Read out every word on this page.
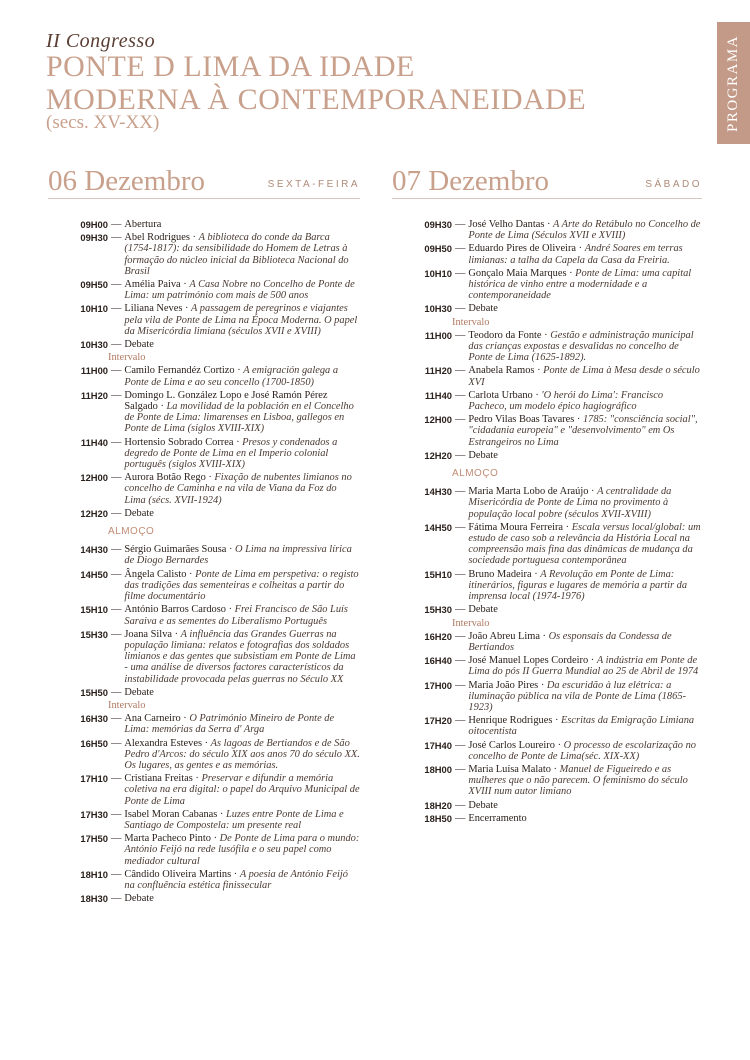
II Congresso
PONTE D LIMA DA IDADE
MODERNA À CONTEMPORANEIDADE
(secs. XV-XX)	PROGRAMA
06 Dezembro	SEXTA-FEIRA 07 Dezembro	SÁBADO
09H00 — Abertura
09H30 — Abel Rodrigues · A biblioteca do conde da Barca (1754-1817): da sensibilidade do Homem de Letras à formação do núcleo inicial da Biblioteca Nacional do Brasil
09H50 — Amélia Paiva · A Casa Nobre no Concelho de Ponte de Lima: um património com mais de 500 anos
10H10 — Liliana Neves · A passagem de peregrinos e viajantes pela vila de Ponte de Lima na Época Moderna. O papel da Misericórdia limiana (séculos XVII e XVIII)
10H30 — Debate
Intervalo
11H00 — Camilo Fernandéz Cortizo · A emigración galega a Ponte de Lima e ao seu concello (1700-1850)
11H20 — Domingo L. González Lopo e José Ramón Pérez Salgado · La movilidad de la población en el Concelho de Ponte de Lima: limarenses en Lisboa, gallegos en Ponte de Lima (siglos XVIII-XIX)
11H40 — Hortensio Sobrado Correa · Presos y condenados a degredo de Ponte de Lima en el Imperio colonial português (siglos XVIII-XIX)
12H00 — Aurora Botão Rego · Fixação de nubentes limianos no concelho de Caminha e na vila de Viana da Foz do Lima (sécs. XVII-1924)
12H20 — Debate
ALMOÇO
14H30 — Sérgio Guimarães Sousa · O Lima na impressiva lírica de Diogo Bernardes
14H50 — Ângela Calisto · Ponte de Lima em perspetiva: o registo das tradições das sementeiras e colheitas a partir do filme documentário
15H10 — António Barros Cardoso · Frei Francisco de São Luís Saraiva e as sementes do Liberalismo Português
15H30 — Joana Silva · A influência das Grandes Guerras na população limiana: relatos e fotografias dos soldados limianos e das gentes que subsistiam em Ponte de Lima - uma análise de diversos factores característicos da instabilidade provocada pelas guerras no Século XX
15H50 — Debate
Intervalo
16H30 — Ana Carneiro · O Património Mineiro de Ponte de Lima: memórias da Serra d' Arga
16H50 — Alexandra Esteves · As lagoas de Bertiandos e de São Pedro d'Arcos: do século XIX aos anos 70 do século XX. Os lugares, as gentes e as memórias.
17H10 — Cristiana Freitas · Preservar e difundir a memória coletiva na era digital: o papel do Arquivo Municipal de Ponte de Lima
17H30 — Isabel Moran Cabanas · Luzes entre Ponte de Lima e Santiago de Compostela: um presente real
17H50 — Marta Pacheco Pinto · De Ponte de Lima para o mundo: António Feijó na rede lusófila e o seu papel como mediador cultural
18H10 — Cândido Oliveira Martins · A poesia de António Feijó na confluência estética finissecular
18H30 — Debate
09H30 — José Velho Dantas · A Arte do Retábulo no Concelho de Ponte de Lima (Séculos XVII e XVIII)
09H50 — Eduardo Pires de Oliveira · André Soares em terras limianas: a talha da Capela da Casa da Freiria.
10H10 — Gonçalo Maia Marques · Ponte de Lima: uma capital histórica de vinho entre a modernidade e a contemporaneidade
10H30 — Debate
Intervalo
11H00 — Teodoro da Fonte · Gestão e administração municipal das crianças expostas e desvalidas no concelho de Ponte de Lima (1625-1892).
11H20 — Anabela Ramos · Ponte de Lima à Mesa desde o século XVI
11H40 — Carlota Urbano · 'O herói do Lima': Francisco Pacheco, um modelo épico hagiográfico
12H00 — Pedro Vilas Boas Tavares · 1785: "consciência social", "cidadania europeia" e "desenvolvimento" em Os Estrangeiros no Lima
12H20 — Debate
ALMOÇO
14H30 — Maria Marta Lobo de Araújo · A centralidade da Misericórdia de Ponte de Lima no provimento à população local pobre (séculos XVII-XVIII)
14H50 — Fátima Moura Ferreira · Escala versus local/global: um estudo de caso sob a relevância da História Local na compreensão mais fina das dinâmicas de mudança da sociedade portuguesa contemporânea
15H10 — Bruno Madeira · A Revolução em Ponte de Lima: itinerários, figuras e lugares de memória a partir da imprensa local (1974-1976)
15H30 — Debate
Intervalo
16H20 — João Abreu Lima · Os esponsais da Condessa de Bertiandos
16H40 — José Manuel Lopes Cordeiro · A indústria em Ponte de Lima do pós II Guerra Mundial ao 25 de Abril de 1974
17H00 — Maria João Pires · Da escuridão à luz elétrica: a iluminação pública na vila de Ponte de Lima (1865-1923)
17H20 — Henrique Rodrigues · Escritas da Emigração Limiana oitocentista
17H40 — José Carlos Loureiro · O processo de escolarização no concelho de Ponte de Lima(séc. XIX-XX)
18H00 — Maria Luísa Malato · Manuel de Figueiredo e as mulheres que o não parecem. O feminismo do século XVIII num autor limiano
18H20 — Debate
18H50 — Encerramento
